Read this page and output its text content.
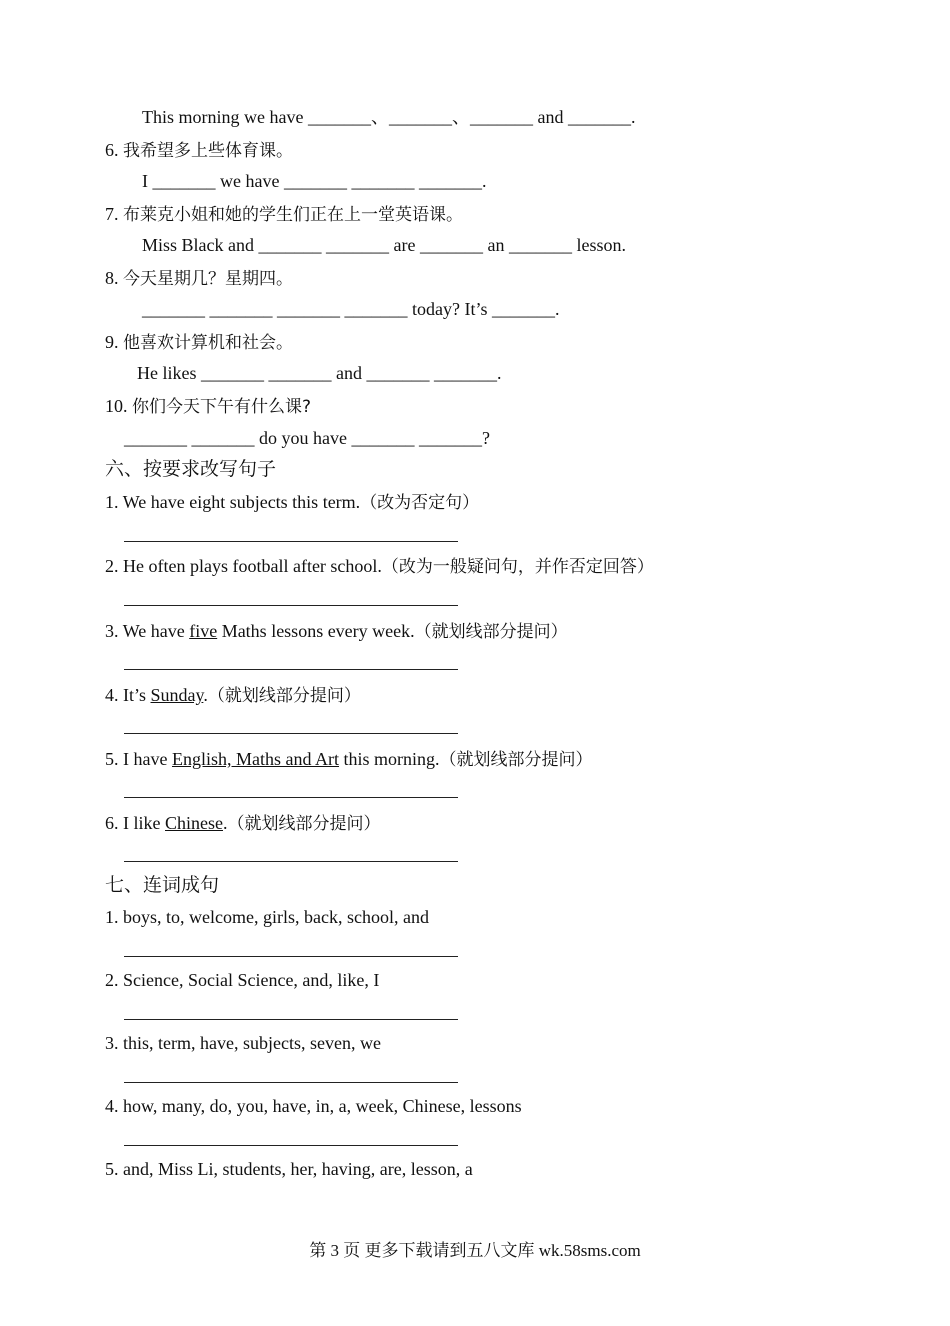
This morning we have _______、_______、_______ and _______.
6. 我希望多上些体育课。
I _______ we have _______ _______ _______.
7. 布莱克小姐和她的学生们正在上一堂英语课。
Miss Black and _______ _______ are _______ an _______ lesson.
8. 今天星期几？星期四。
_______ _______ _______ _______ today? It’s _______.
9. 他喜欢计算机和社会。
He likes _______ _______ and _______ _______.
10. 你们今天下午有什么课?
_______ _______ do you have _______ _______?
六、按要求改写句子
1. We have eight subjects this term.（改为否定句）
2. He often plays football after school.（改为一般疑问句，并作否定回答）
3. We have five Maths lessons every week.（就划线部分提问）
4. It’s Sunday.（就划线部分提问）
5. I have English, Maths and Art this morning.（就划线部分提问）
6. I like Chinese.（就划线部分提问）
七、连词成句
1. boys, to, welcome, girls, back, school, and
2. Science, Social Science, and, like, I
3. this, term, have, subjects, seven, we
4. how, many, do, you, have, in, a, week, Chinese, lessons
5. and, Miss Li, students, her, having, are, lesson, a
第 3 页 更多下载请到五八文库 wk.58sms.com
